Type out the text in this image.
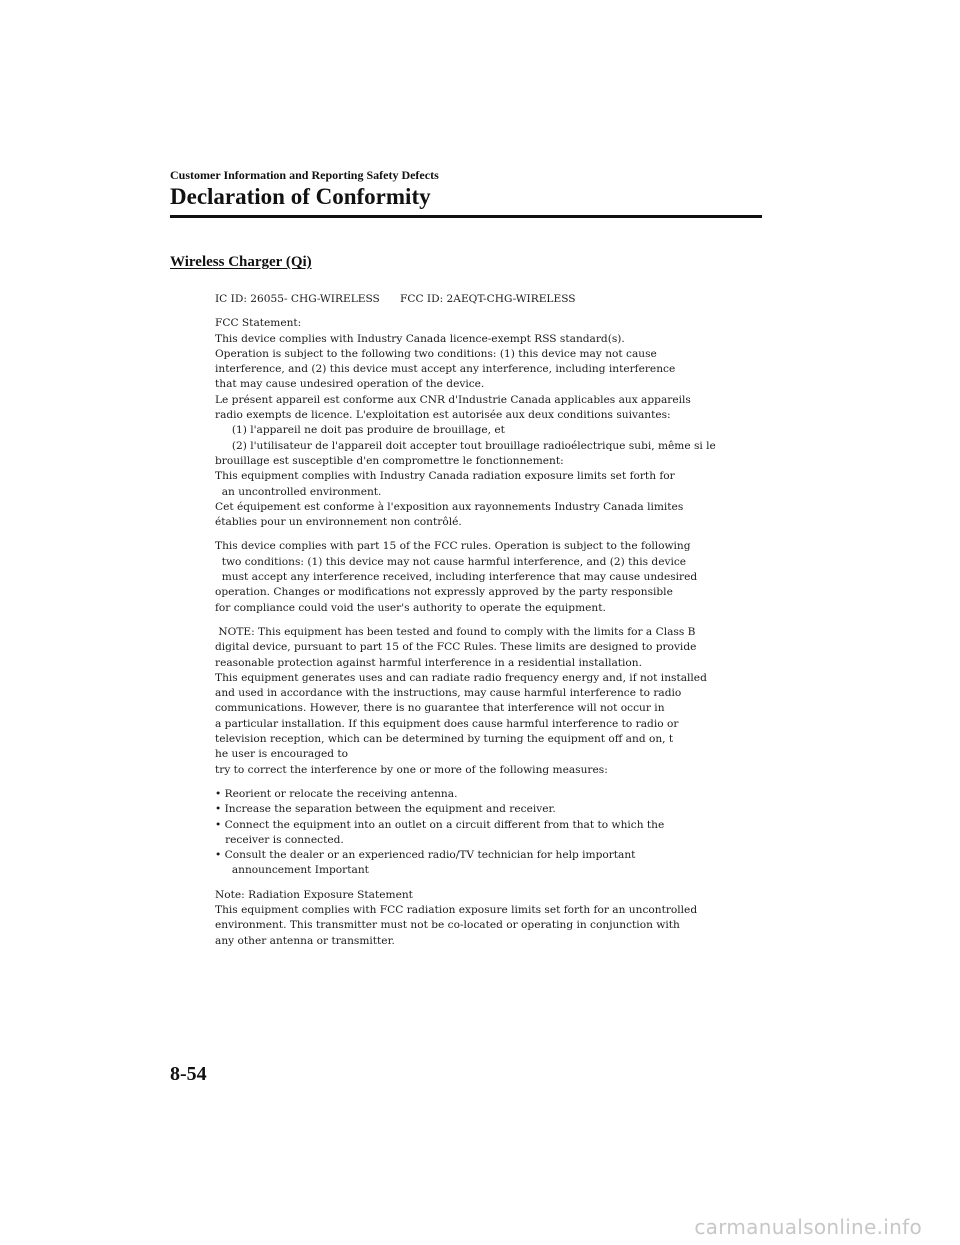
Customer Information and Reporting Safety Defects
Declaration of Conformity
Wireless Charger (Qi)
IC ID: 26055- CHG-WIRELESS      FCC ID: 2AEQT-CHG-WIRELESS
FCC Statement:
This device complies with Industry Canada licence-exempt RSS standard(s).
Operation is subject to the following two conditions: (1) this device may not cause
interference, and (2) this device must accept any interference, including interference
that may cause undesired operation of the device.
Le présent appareil est conforme aux CNR d'Industrie Canada applicables aux appareils
radio exempts de licence. L'exploitation est autorisée aux deux conditions suivantes:
(1) l'appareil ne doit pas produire de brouillage, et
(2) l'utilisateur de l'appareil doit accepter tout brouillage radioélectrique subi, même si le
brouillage est susceptible d'en compromettre le fonctionnement:
This equipment complies with Industry Canada radiation exposure limits set forth for
an uncontrolled environment.
Cet équipement est conforme à l'exposition aux rayonnements Industry Canada limites
établies pour un environnement non contrôlé.
This device complies with part 15 of the FCC rules. Operation is subject to the following
two conditions: (1) this device may not cause harmful interference, and (2) this device
must accept any interference received, including interference that may cause undesired
operation. Changes or modifications not expressly approved by the party responsible
for compliance could void the user's authority to operate the equipment.
NOTE: This equipment has been tested and found to comply with the limits for a Class B
digital device, pursuant to part 15 of the FCC Rules. These limits are designed to provide
reasonable protection against harmful interference in a residential installation.
This equipment generates uses and can radiate radio frequency energy and, if not installed
and used in accordance with the instructions, may cause harmful interference to radio
communications. However, there is no guarantee that interference will not occur in
a particular installation. If this equipment does cause harmful interference to radio or
television reception, which can be determined by turning the equipment off and on, t
he user is encouraged to
try to correct the interference by one or more of the following measures:
• Reorient or relocate the receiving antenna.
• Increase the separation between the equipment and receiver.
• Connect the equipment into an outlet on a circuit different from that to which the
receiver is connected.
• Consult the dealer or an experienced radio/TV technician for help important
announcement Important
Note: Radiation Exposure Statement
This equipment complies with FCC radiation exposure limits set forth for an uncontrolled
environment. This transmitter must not be co-located or operating in conjunction with
any other antenna or transmitter.
8-54
carmanualsonline.info
